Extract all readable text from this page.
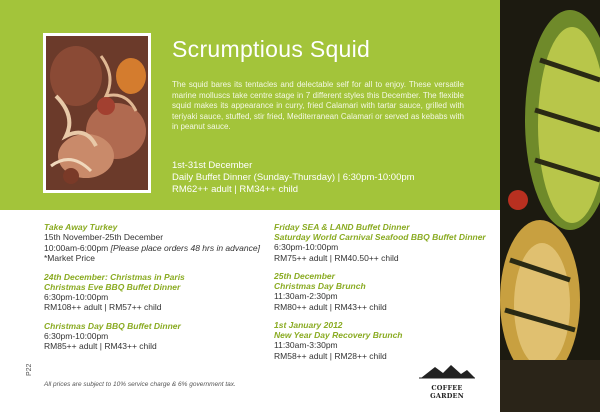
Scrumptious Squid
The squid bares its tentacles and delectable self for all to enjoy. These versatile marine molluscs take centre stage in 7 different styles this December. The flexible squid makes its appearance in curry, fried Calamari with tartar sauce, grilled with teriyaki sauce, stuffed, stir fried, Mediterranean Calamari or served as kebabs with in peanut sauce.
1st-31st December
Daily Buffet Dinner (Sunday-Thursday) | 6:30pm-10:00pm
RM62++ adult | RM34++ child
Take Away Turkey
15th November-25th December
10:00am-6:00pm [Please place orders 48 hrs in advance]
*Market Price
24th December: Christmas in Paris
Christmas Eve BBQ Buffet Dinner
6:30pm-10:00pm
RM108++ adult | RM57++ child
Christmas Day BBQ Buffet Dinner
6:30pm-10:00pm
RM85++ adult | RM43++ child
Friday SEA & LAND Buffet Dinner
Saturday World Carnival Seafood BBQ Buffet Dinner
6:30pm-10:00pm
RM75++ adult | RM40.50++ child
25th December
Christmas Day Brunch
11:30am-2:30pm
RM80++ adult | RM43++ child
1st January 2012
New Year Day Recovery Brunch
11:30am-3:30pm
RM58++ adult | RM28++ child
P22
All prices are subject to 10% service charge & 6% government tax.	COFFEE GARDEN
